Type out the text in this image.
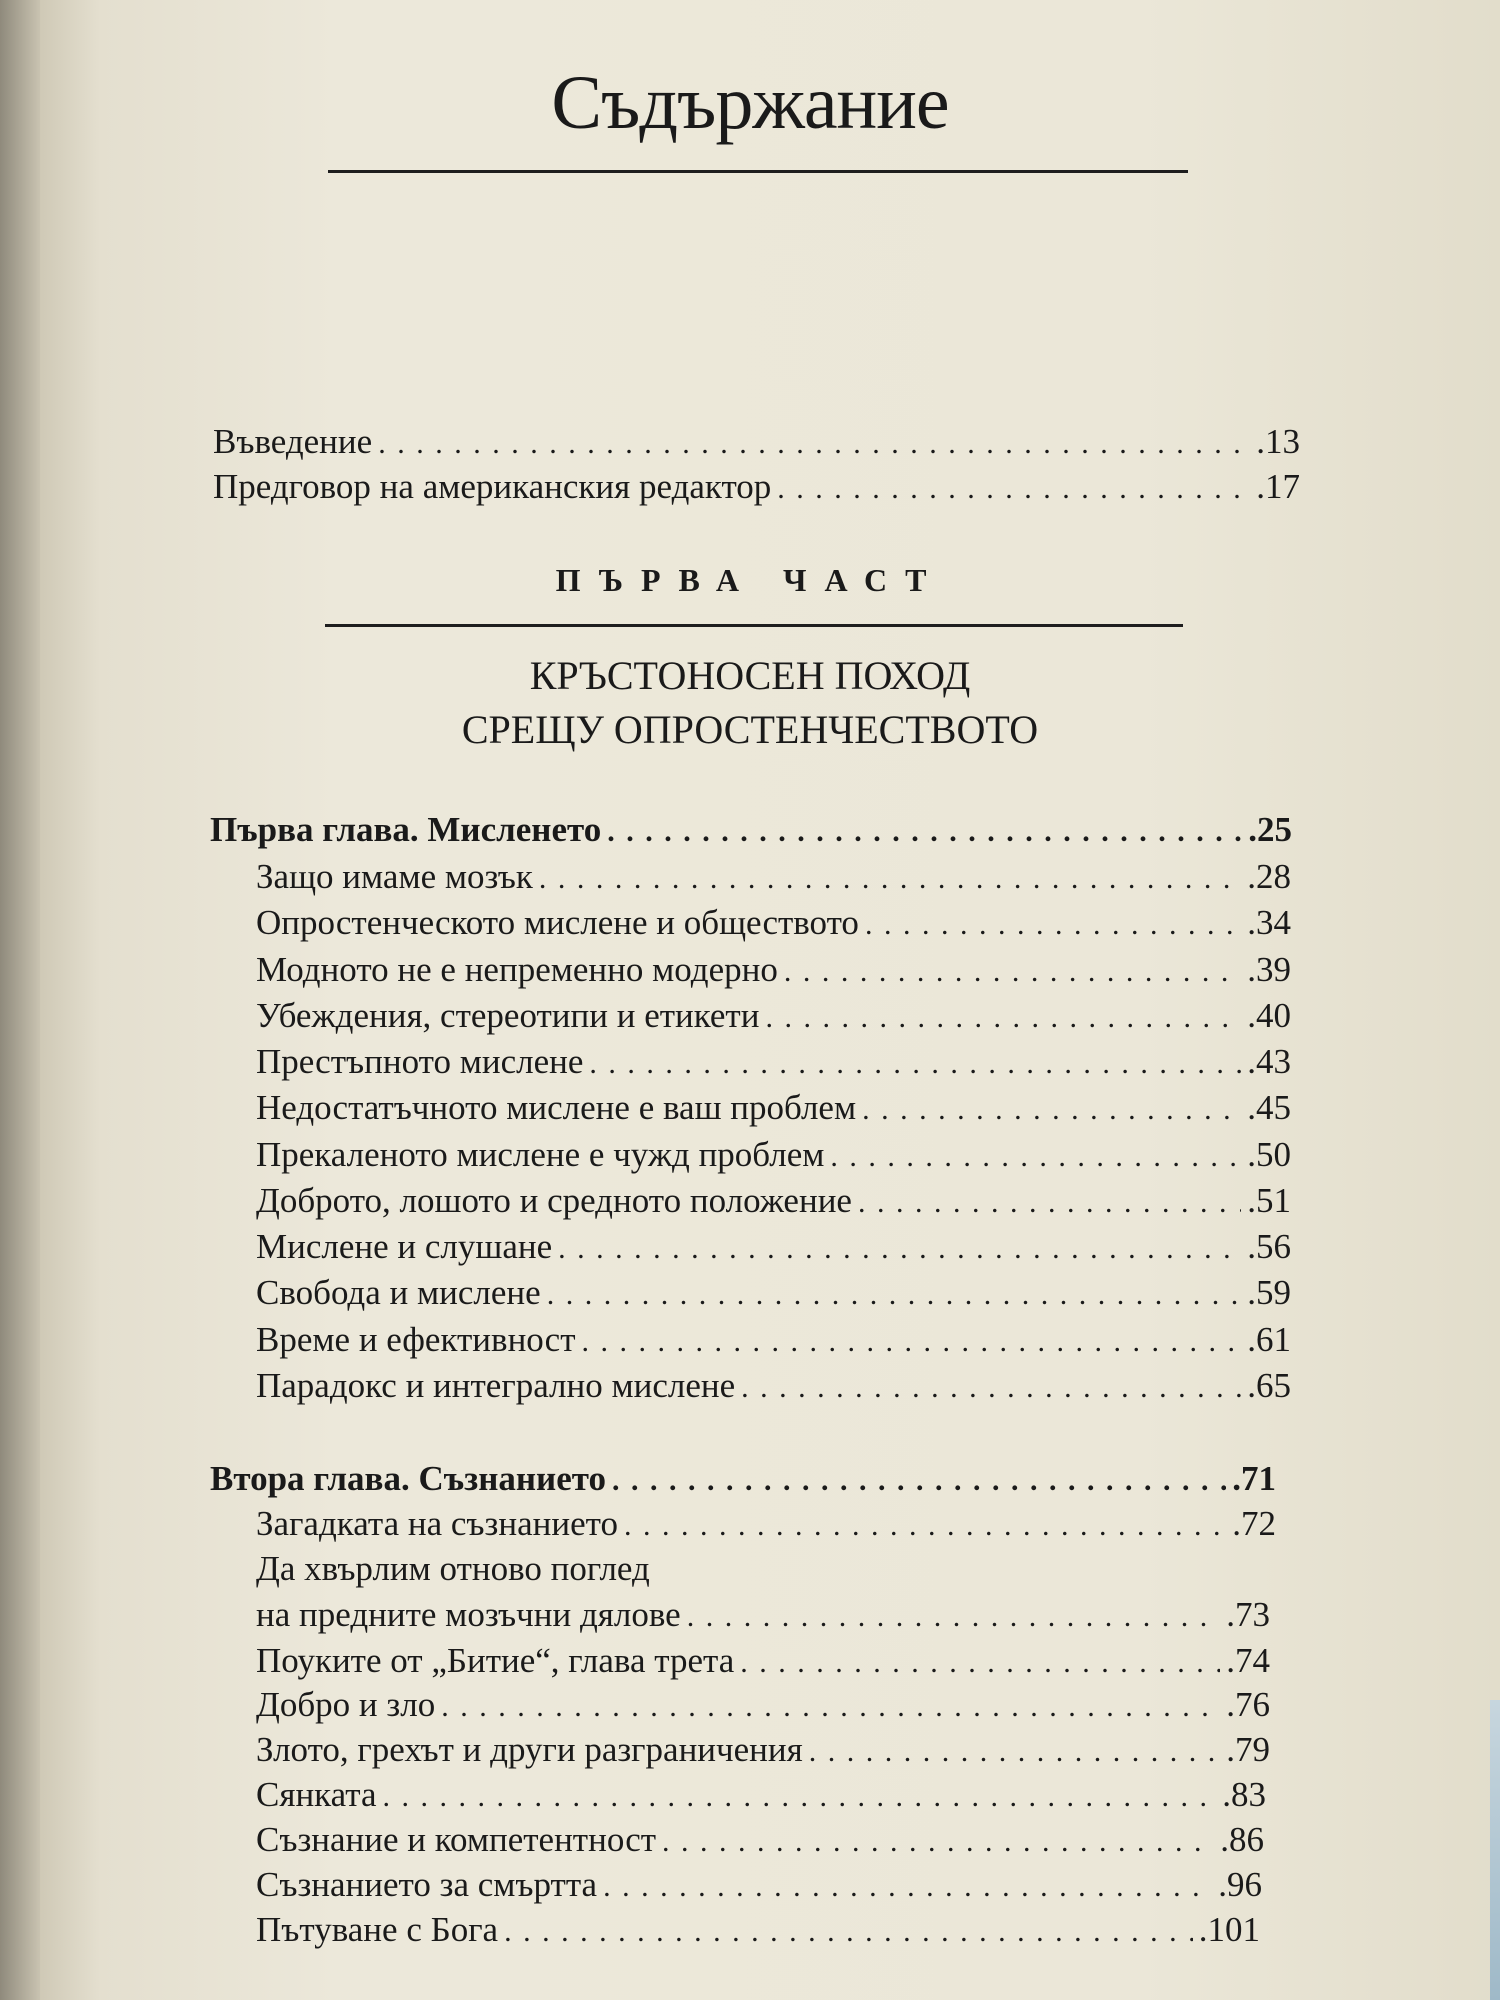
Съдържание
Въведение . . .	.13
Предговор на американския редактор . . .	.17
ПЪРВА ЧАСТ
КРЪСТОНОСЕН ПОХОД
СРЕЩУ ОПРОСТЕНЧЕСТВОТО
Първа глава. Мисленето . . .	.25
Защо имаме мозък . . .	.28
Опростенческото мислене и обществото . . .	.34
Модното не е непременно модерно . . .	.39
Убеждения, стереотипи и етикети . . .	.40
Престъпното мислене . . .	.43
Недостатъчното мислене е ваш проблем . . .	.45
Прекаленото мислене е чужд проблем . . .	.50
Доброто, лошото и средното положение . . .	.51
Мислене и слушане . . .	.56
Свобода и мислене . . .	.59
Време и ефективност . . .	.61
Парадокс и интегрално мислене . . .	.65
Втора глава. Съзнанието . . .	.71
Загадката на съзнанието . . .	.72
Да хвърлим отново поглед
на предните мозъчни дялове . . .	.73
Поуките от „Битие“, глава трета . . .	.74
Добро и зло . . .	.76
Злото, грехът и други разграничения . . .	.79
Сянката . . .	.83
Съзнание и компетентност . . .	.86
Съзнанието за смъртта . . .	.96
Пътуване с Бога . . .	.101
